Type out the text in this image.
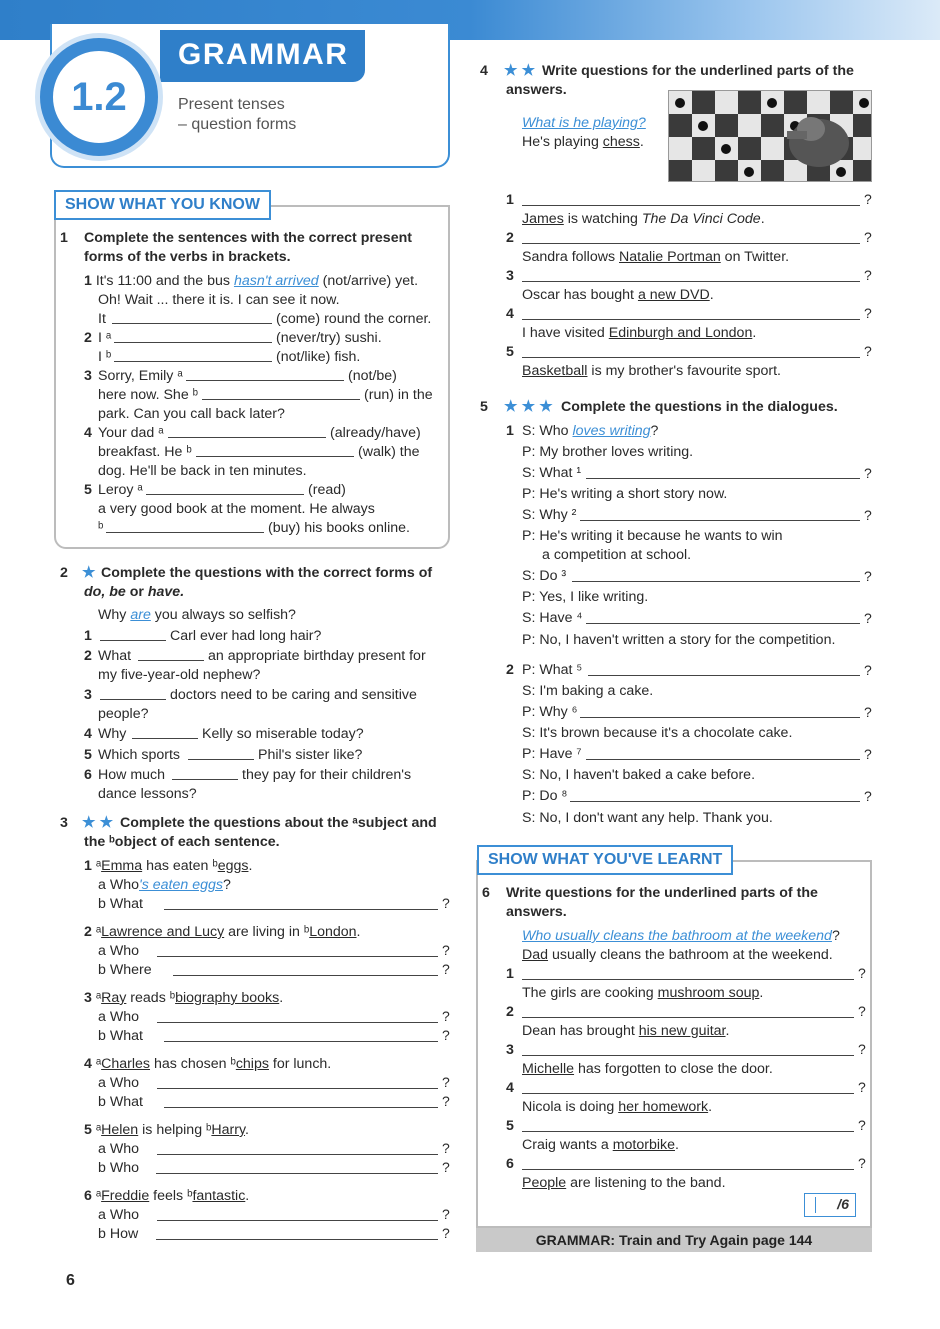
GRAMMAR
1.2	Present tenses
– question forms
SHOW WHAT YOU KNOW
1 Complete the sentences with the correct present
forms of the verbs in brackets.
1 It's 11:00 and the bus hasn't arrived (not/arrive) yet.
Oh! Wait ... there it is. I can see it now.
It	(come) round the corner.
2 I ᵃ	(never/try) sushi.
I ᵇ	(not/like) fish.
3 Sorry, Emily ᵃ	(not/be)
here now. She ᵇ	(run) in the
park. Can you call back later?
4 Your dad ᵃ	(already/have)
breakfast. He ᵇ	(walk) the
dog. He'll be back in ten minutes.
5 Leroy ᵃ	(read)
a very good book at the moment. He always
ᵇ	(buy) his books online.
2 ★ Complete the questions with the correct forms of
do, be or have.
Why are you always so selfish?
1	Carl ever had long hair?
2 What	an appropriate birthday present for
my five-year-old nephew?
3	doctors need to be caring and sensitive
people?
4 Why	Kelly so miserable today?
5 Which sports	Phil's sister like?
6 How much	they pay for their children's
dance lessons?
3 ★ ★ Complete the questions about the ᵃsubject and
the ᵇobject of each sentence.
1 ᵃEmma has eaten ᵇeggs.
a Who's eaten eggs?
b What	?
2 ᵃLawrence and Lucy are living in ᵇLondon.
a Who	?
b Where	?
3 ᵃRay reads ᵇbiography books.
a Who	?
b What	?
4 ᵃCharles has chosen ᵇchips for lunch.
a Who	?
b What	?
5 ᵃHelen is helping ᵇHarry.
a Who	?
b Who	?
6 ᵃFreddie feels ᵇfantastic.
a Who	?
b How	?
6
4 ★ ★ Write questions for the underlined parts of the
answers.
What is he playing?
He's playing chess.
1	?
James is watching The Da Vinci Code.
2	?
Sandra follows Natalie Portman on Twitter.
3	?
Oscar has bought a new DVD.
4	?
I have visited Edinburgh and London.
5	?
Basketball is my brother's favourite sport.
5 ★ ★ ★ Complete the questions in the dialogues.
1 S: Who loves writing?
P: My brother loves writing.
S: What ¹	?
P: He's writing a short story now.
S: Why ²	?
P: He's writing it because he wants to win
a competition at school.
S: Do ³	?
P: Yes, I like writing.
S: Have ⁴	?
P: No, I haven't written a story for the competition.
2 P: What ⁵	?
S: I'm baking a cake.
P: Why ⁶	?
S: It's brown because it's a chocolate cake.
P: Have ⁷	?
S: No, I haven't baked a cake before.
P: Do ⁸	?
S: No, I don't want any help. Thank you.
SHOW WHAT YOU'VE LEARNT
6 Write questions for the underlined parts of the
answers.
Who usually cleans the bathroom at the weekend?
Dad usually cleans the bathroom at the weekend.
1	?
The girls are cooking mushroom soup.
2	?
Dean has brought his new guitar.
3	?
Michelle has forgotten to close the door.
4	?
Nicola is doing her homework.
5	?
Craig wants a motorbike.
6	?
People are listening to the band.
/6
GRAMMAR: Train and Try Again page 144
